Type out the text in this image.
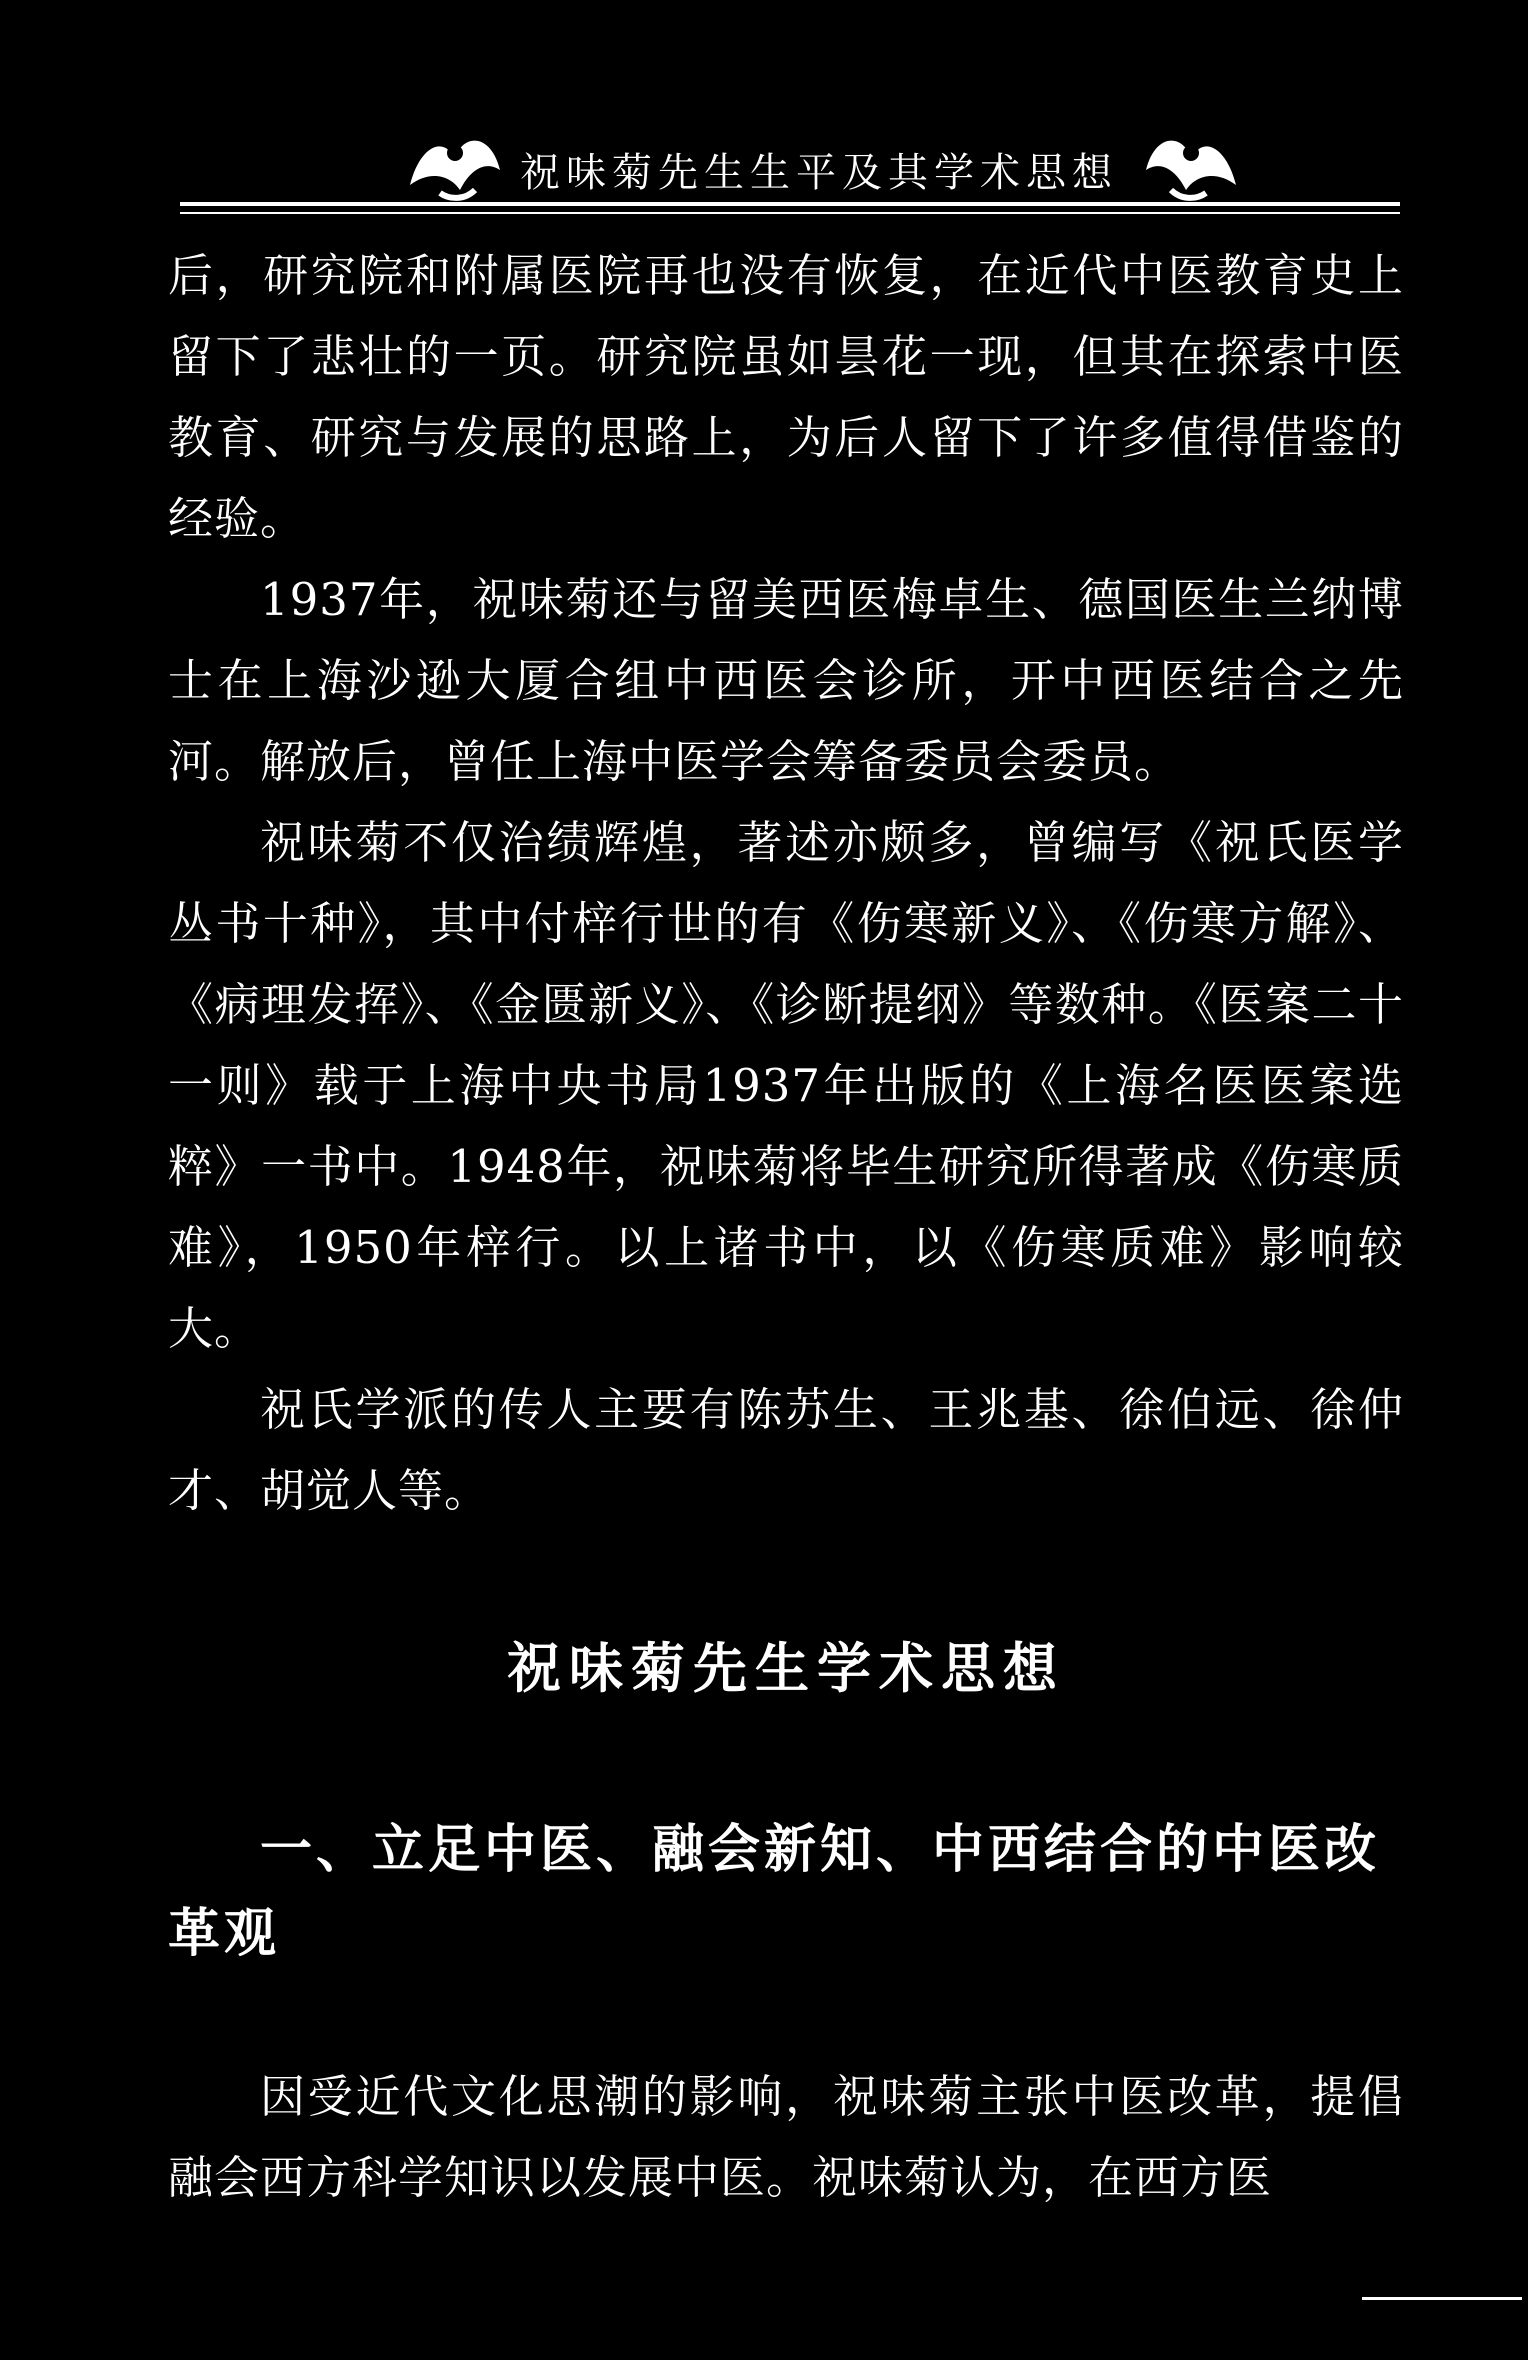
祝味菊先生生平及其学术思想

后，研究院和附属医院再也没有恢复，在近代中医教育史上留下了悲壮的一页。研究院虽如昙花一现，但其在探索中医教育、研究与发展的思路上，为后人留下了许多值得借鉴的经验。

1937年，祝味菊还与留美西医梅卓生、德国医生兰纳博士在上海沙逊大厦合组中西医会诊所，开中西医结合之先河。解放后，曾任上海中医学会筹备委员会委员。

祝味菊不仅治绩辉煌，著述亦颇多，曾编写《祝氏医学丛书十种》，其中付梓行世的有《伤寒新义》、《伤寒方解》、《病理发挥》、《金匮新义》、《诊断提纲》等数种。《医案二十一则》载于上海中央书局1937年出版的《上海名医医案选粹》一书中。1948年，祝味菊将毕生研究所得著成《伤寒质难》，1950年梓行。以上诸书中，以《伤寒质难》影响较大。

祝氏学派的传人主要有陈苏生、王兆基、徐伯远、徐仲才、胡觉人等。

祝味菊先生学术思想
一、立足中医、融会新知、中西结合的中医改革观

因受近代文化思潮的影响，祝味菊主张中医改革，提倡融会西方科学知识以发展中医。祝味菊认为，在西方医
